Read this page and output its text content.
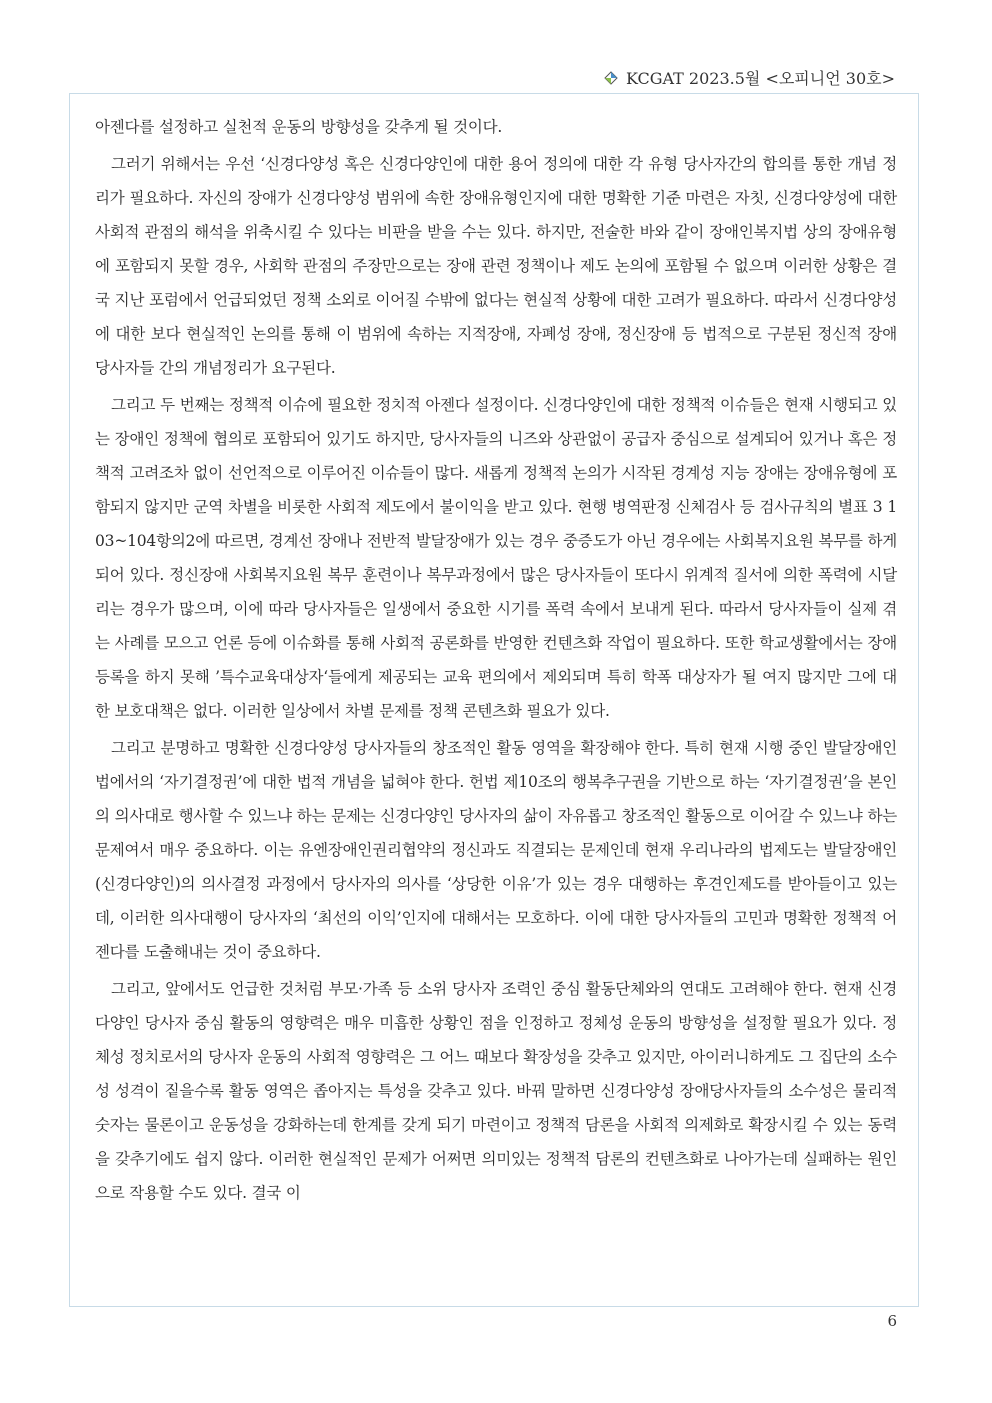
KCGAT 2023.5월 <오피니언 30호>

아젠다를 설정하고 실천적 운동의 방향성을 갖추게 될 것이다.

그러기 위해서는 우선 ‘신경다양성 혹은 신경다양인에 대한 용어 정의에 대한 각 유형 당사자간의 합의를 통한 개념 정리가 필요하다. 자신의 장애가 신경다양성 범위에 속한 장애유형인지에 대한 명확한 기준 마련은 자칫, 신경다양성에 대한 사회적 관점의 해석을 위축시킬 수 있다는 비판을 받을 수는 있다. 하지만, 전술한 바와 같이 장애인복지법 상의 장애유형에 포함되지 못할 경우, 사회학 관점의 주장만으로는 장애 관련 정책이나 제도 논의에 포함될 수 없으며 이러한 상황은 결국 지난 포럼에서 언급되었던 정책 소외로 이어질 수밖에 없다는 현실적 상황에 대한 고려가 필요하다. 따라서 신경다양성에 대한 보다 현실적인 논의를 통해 이 범위에 속하는 지적장애, 자폐성 장애, 정신장애 등 법적으로 구분된 정신적 장애 당사자들 간의 개념정리가 요구된다.

그리고 두 번째는 정책적 이슈에 필요한 정치적 아젠다 설정이다. 신경다양인에 대한 정책적 이슈들은 현재 시행되고 있는 장애인 정책에 협의로 포함되어 있기도 하지만, 당사자들의 니즈와 상관없이 공급자 중심으로 설계되어 있거나 혹은 정책적 고려조차 없이 선언적으로 이루어진 이슈들이 많다. 새롭게 정책적 논의가 시작된 경계성 지능 장애는 장애유형에 포함되지 않지만 군역 차별을 비롯한 사회적 제도에서 불이익을 받고 있다. 현행 병역판정 신체검사 등 검사규칙의 별표 3 103~104항의2에 따르면, 경계선 장애나 전반적 발달장애가 있는 경우 중증도가 아닌 경우에는 사회복지요원 복무를 하게 되어 있다. 정신장애 사회복지요원 복무 훈련이나 복무과정에서 많은 당사자들이 또다시 위계적 질서에 의한 폭력에 시달리는 경우가 많으며, 이에 따라 당사자들은 일생에서 중요한 시기를 폭력 속에서 보내게 된다. 따라서 당사자들이 실제 겪는 사례를 모으고 언론 등에 이슈화를 통해 사회적 공론화를 반영한 컨텐츠화 작업이 필요하다. 또한 학교생활에서는 장애등록을 하지 못해 ’특수교육대상자‘들에게 제공되는 교육 편의에서 제외되며 특히 학폭 대상자가 될 여지 많지만 그에 대한 보호대책은 없다. 이러한 일상에서 차별 문제를 정책 콘텐츠화 필요가 있다.

그리고 분명하고 명확한 신경다양성 당사자들의 창조적인 활동 영역을 확장해야 한다. 특히 현재 시행 중인 발달장애인법에서의 ‘자기결정권’에 대한 법적 개념을 넓혀야 한다. 헌법 제10조의 행복추구권을 기반으로 하는 ‘자기결정권’을 본인의 의사대로 행사할 수 있느냐 하는 문제는 신경다양인 당사자의 삶이 자유롭고 창조적인 활동으로 이어갈 수 있느냐 하는 문제여서 매우 중요하다. 이는 유엔장애인권리협약의 정신과도 직결되는 문제인데 현재 우리나라의 법제도는 발달장애인(신경다양인)의 의사결정 과정에서 당사자의 의사를 ‘상당한 이유’가 있는 경우 대행하는 후견인제도를 받아들이고 있는데, 이러한 의사대행이 당사자의 ‘최선의 이익’인지에 대해서는 모호하다. 이에 대한 당사자들의 고민과 명확한 정책적 어젠다를 도출해내는 것이 중요하다.

그리고, 앞에서도 언급한 것처럼 부모·가족 등 소위 당사자 조력인 중심 활동단체와의 연대도 고려해야 한다. 현재 신경다양인 당사자 중심 활동의 영향력은 매우 미흡한 상황인 점을 인정하고 정체성 운동의 방향성을 설정할 필요가 있다. 정체성 정치로서의 당사자 운동의 사회적 영향력은 그 어느 때보다 확장성을 갖추고 있지만, 아이러니하게도 그 집단의 소수성 성격이 짙을수록 활동 영역은 좁아지는 특성을 갖추고 있다. 바꿔 말하면 신경다양성 장애당사자들의 소수성은 물리적 숫자는 물론이고 운동성을 강화하는데 한계를 갖게 되기 마련이고 정책적 담론을 사회적 의제화로 확장시킬 수 있는 동력을 갖추기에도 쉽지 않다. 이러한 현실적인 문제가 어쩌면 의미있는 정책적 담론의 컨텐츠화로 나아가는데 실패하는 원인으로 작용할 수도 있다. 결국 이

6
